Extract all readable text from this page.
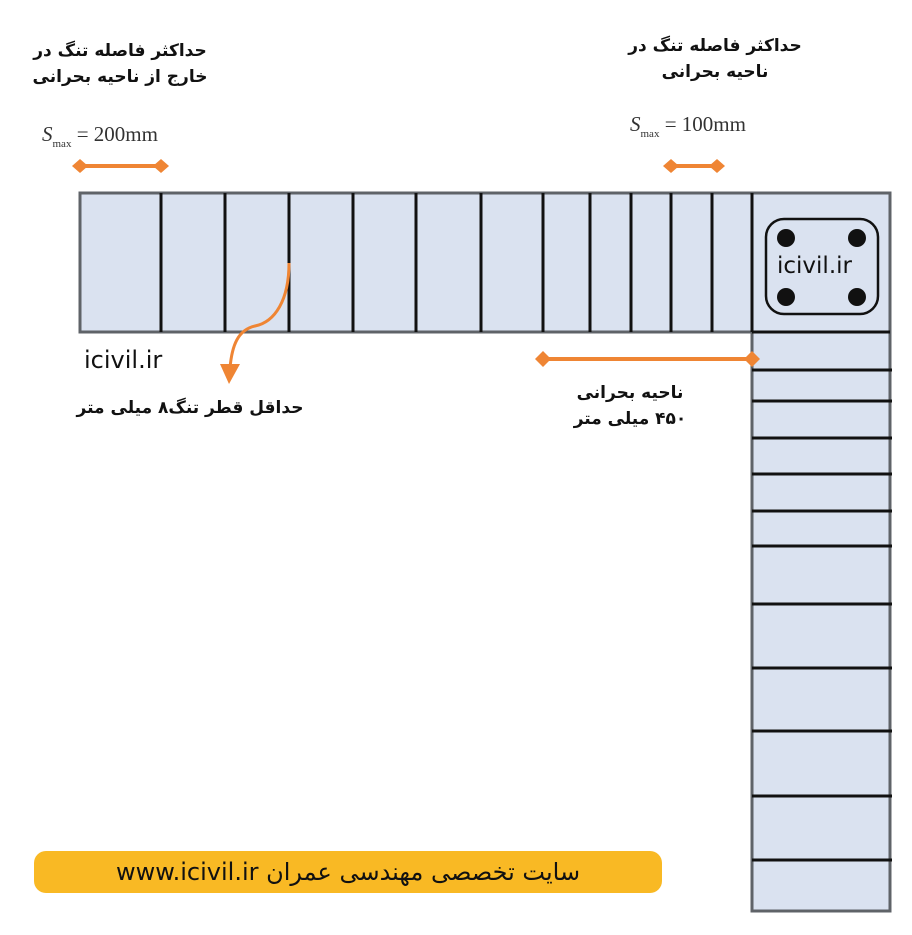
حداکثر فاصله تنگ در
خارج از ناحیه بحرانی
$S_{max} = 200mm$
حداکثر فاصله تنگ در
ناحیه بحرانی
$S_{max} = 100mm$
icivil.ir
icivil.ir
حداقل قطر تنگ۸ میلی متر
ناحیه بحرانی
۴۵۰ میلی متر
سایت تخصصی مهندسی عمران www.icivil.ir
